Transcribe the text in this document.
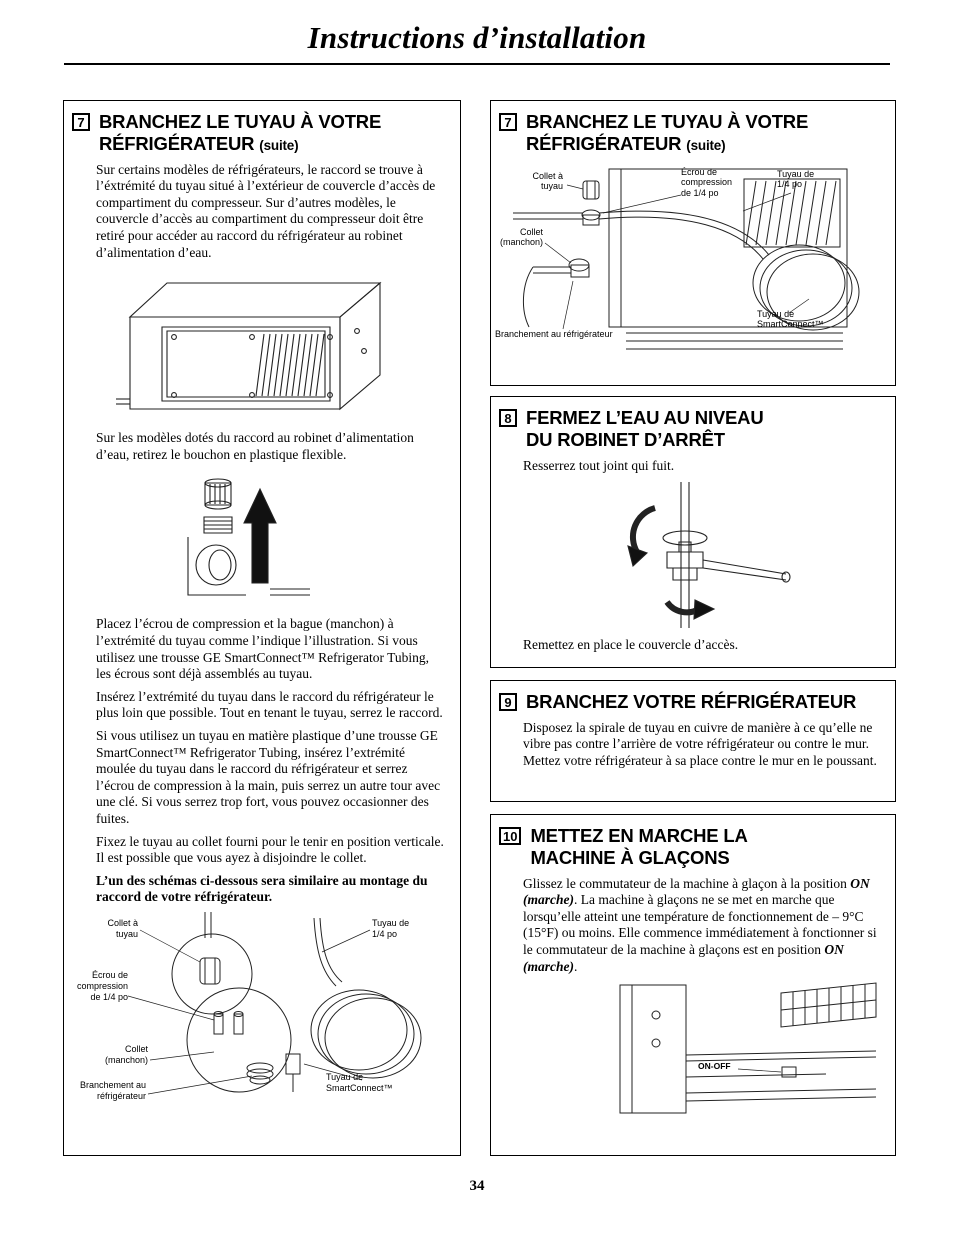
Instructions d’installation
7 BRANCHEZ LE TUYAU À VOTRE RÉFRIGÉRATEUR (suite)

Sur certains modèles de réfrigérateurs, le raccord se trouve à l’éxtrémité du tuyau situé à l’extérieur de couvercle d’accès de compartiment du compresseur. Sur d’autres modèles, le couvercle d’accès au compartiment du compresseur doit être retiré pour accéder au raccord du réfrigérateur au robinet d’alimentation d’eau.

Sur les modèles dotés du raccord au robinet d’alimentation d’eau, retirez le bouchon en plastique flexible.

Placez l’écrou de compression et la bague (manchon) à l’extrémité du tuyau comme l’indique l’illustration. Si vous utilisez une trousse GE SmartConnect™ Refrigerator Tubing, les écrous sont déjà assemblés au tuyau.

Insérez l’extrémité du tuyau dans le raccord du réfrigérateur le plus loin que possible. Tout en tenant le tuyau, serrez le raccord.

Si vous utilisez un tuyau en matière plastique d’une trousse GE SmartConnect™ Refrigerator Tubing, insérez l’extrémité moulée du tuyau dans le raccord du réfrigérateur et serrez l’écrou de compression à la main, puis serrez un autre tour avec une clé. Si vous serrez trop fort, vous pouvez occasionner des fuites.

Fixez le tuyau au collet fourni pour le tenir en position verticale. Il est possible que vous ayez à disjoindre le collet.

L’un des schémas ci-dessous sera similaire au montage du raccord de votre réfrigérateur.

Collet à tuyau
Tuyau de 1/4 po
Écrou de compression de 1/4 po
Collet (manchon)
Branchement au réfrigérateur
Tuyau de SmartConnect™
7 BRANCHEZ LE TUYAU À VOTRE RÉFRIGÉRATEUR (suite)
Collet à tuyau
Écrou de compression de 1/4 po
Tuyau de 1/4 po
Collet (manchon)
Branchement au réfrigérateur
Tuyau de SmartConnect™
8 FERMEZ L’EAU AU NIVEAU DU ROBINET D’ARRÊT

Resserrez tout joint qui fuit.

Remettez en place le couvercle d’accès.

9 BRANCHEZ VOTRE RÉFRIGÉRATEUR

Disposez la spirale de tuyau en cuivre de manière à ce qu’elle ne vibre pas contre l’arrière de votre réfrigérateur ou contre le mur. Mettez votre réfrigérateur à sa place contre le mur en le poussant.

10 METTEZ EN MARCHE LA MACHINE À GLAÇONS

Glissez le commutateur de la machine à glaçon à la position ON (marche). La machine à glaçons ne se met en marche que lorsqu’elle atteint une température de fonctionnement de – 9°C (15°F) ou moins. Elle commence immédiatement à fonctionner si le commutateur de la machine à glaçons est en position ON (marche).

ON-OFF
34
